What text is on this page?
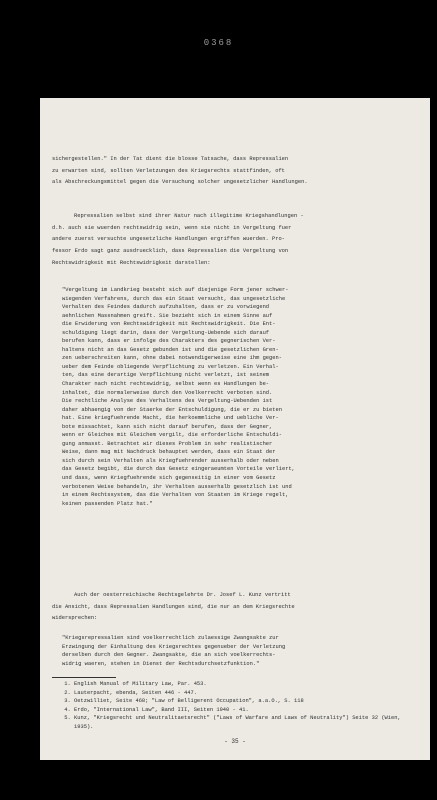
0368
sichergestellen." In der Tat dient die blosse Tatsache, dass Repressalien
zu erwarten sind, sollten Verletzungen des Kriegsrechts stattfinden, oft
als Abschreckungsmittel gegen die Versuchung solcher ungesetzlicher Handlungen.
Repressalien selbst sind ihrer Natur nach illegitime Kriegshandlungen -
d.h. auch sie wuerden rechtswidrig sein, wenn sie nicht in Vergeltung fuer
andere zuerst versuchte ungesetzliche Handlungen ergriffen wuerden. Pro-
fessor Erdo sagt ganz ausdruecklich, dass Repressalien die Vergeltung von
Rechtswidrigkeit mit Rechtswidrigkeit darstellen:
"Vergeltung im Landkrieg besteht sich auf diejenige Form jener schwer-
wiegenden Verfahrens, durch das ein Staat versucht, das ungesetzliche
Verhalten des Feindes dadurch aufzuhalten, dass er zu vorwiegend
aehnlichen Massnahmen greift. Sie bezieht sich in einem Sinne auf
die Erwiderung von Rechtswidrigkeit mit Rechtswidrigkeit. Die Ent-
schuldigung liegt darin, dass der Vergeltung-Uebende sich darauf
berufen kann, dass er infolge des Charakters des gegnerischen Ver-
haltens nicht an das Gesetz gebunden ist und die gesetzlichen Gren-
zen ueberschreiten kann, ohne dabei notwendigerweise eine ihm gegen-
ueber dem Feinde obliegende Verpflichtung zu verletzen. Ein Verhal-
ten, das eine derartige Verpflichtung nicht verletzt, ist seinem
Charakter nach nicht rechtswidrig, selbst wenn es Handlungen be-
inhaltet, die normalerweise durch den Voelkerrecht verboten sind.
Die rechtliche Analyse des Verhaltens des Vergeltung-Uebenden ist
daher abhaengig von der Staerke der Entschuldigung, die er zu bieten
hat. Eine kriegfuehrende Macht, die herkoemmliche und uebliche Ver-
bote missachtet, kann sich nicht darauf berufen, dass der Gegner,
wenn er Gleiches mit Gleichem vergilt, die erforderliche Entschuldi-
gung anmasst. Betrachtet wir dieses Problem in sehr realistischer
Weise, dann mag mit Nachdruck behauptet werden, dass ein Staat der
sich durch sein Verhalten als Kriegfuehrender ausserhalb oder neben
das Gesetz begibt, die durch das Gesetz eingeraeumten Vorteile verliert,
und dass, wenn Kriegfuehrende sich gegenseitig in einer vom Gesetz
verbotenen Weise behandeln, ihr Verhalten ausserhalb gesetzlich ist und
in einem Rechtssystem, das die Verhalten von Staaten im Kriege regelt,
keinen passenden Platz hat."
Auch der oesterreichische Rechtsgelehrte Dr. Josef L. Kunz vertritt
die Ansicht, dass Repressalien Handlungen sind, die nur an dem Kriegsrechte
widersprechen:
"Kriegsrepressalien sind voelkerrechtlich zulaessige Zwangsakte zur
Erzwingung der Einhaltung des Kriegsrechtes gegenueber der Verletzung
derselben durch den Gegner. Zwangsakte, die an sich voelkerrechts-
widrig waeren, stehen in Dienst der Rechtsdurchsetzfunktion."
1. English Manual of Military Law, Par. 453.
2. Lauterpacht, ebenda, Seiten 446 - 447.
3. Oetzwilliet, Seite 468; "Law of Belligerent Occupation", a.a.O., S. 118
4. Erdo, "International Law", Band III, Seiten 1940 - 41.
5. Kunz, "Kriegsrecht und Neutralitaetsrecht" ("Laws of Warfare and Laws of Neutrality") Seite 32 (Wien, 1935).
- 35 -
